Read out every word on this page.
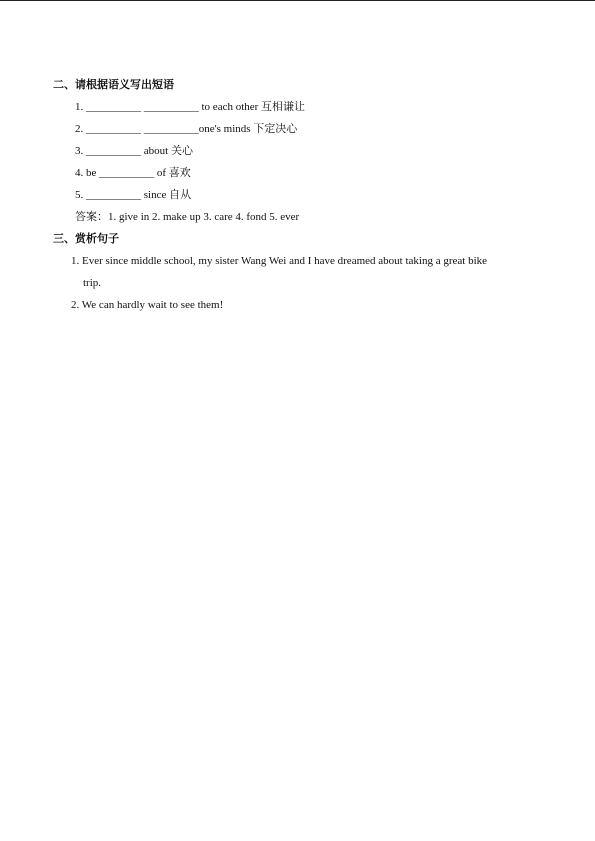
二、请根据语义写出短语
1. __________ __________ to each other 互相谦让
2. __________ __________one's minds 下定决心
3. __________ about 关心
4. be __________ of 喜欢
5. __________ since 自从
答案：1. give in 2. make up 3. care 4. fond 5. ever
三、赏析句子
1. Ever since middle school, my sister Wang Wei and I have dreamed about taking a great bike
trip.
2. We can hardly wait to see them!
